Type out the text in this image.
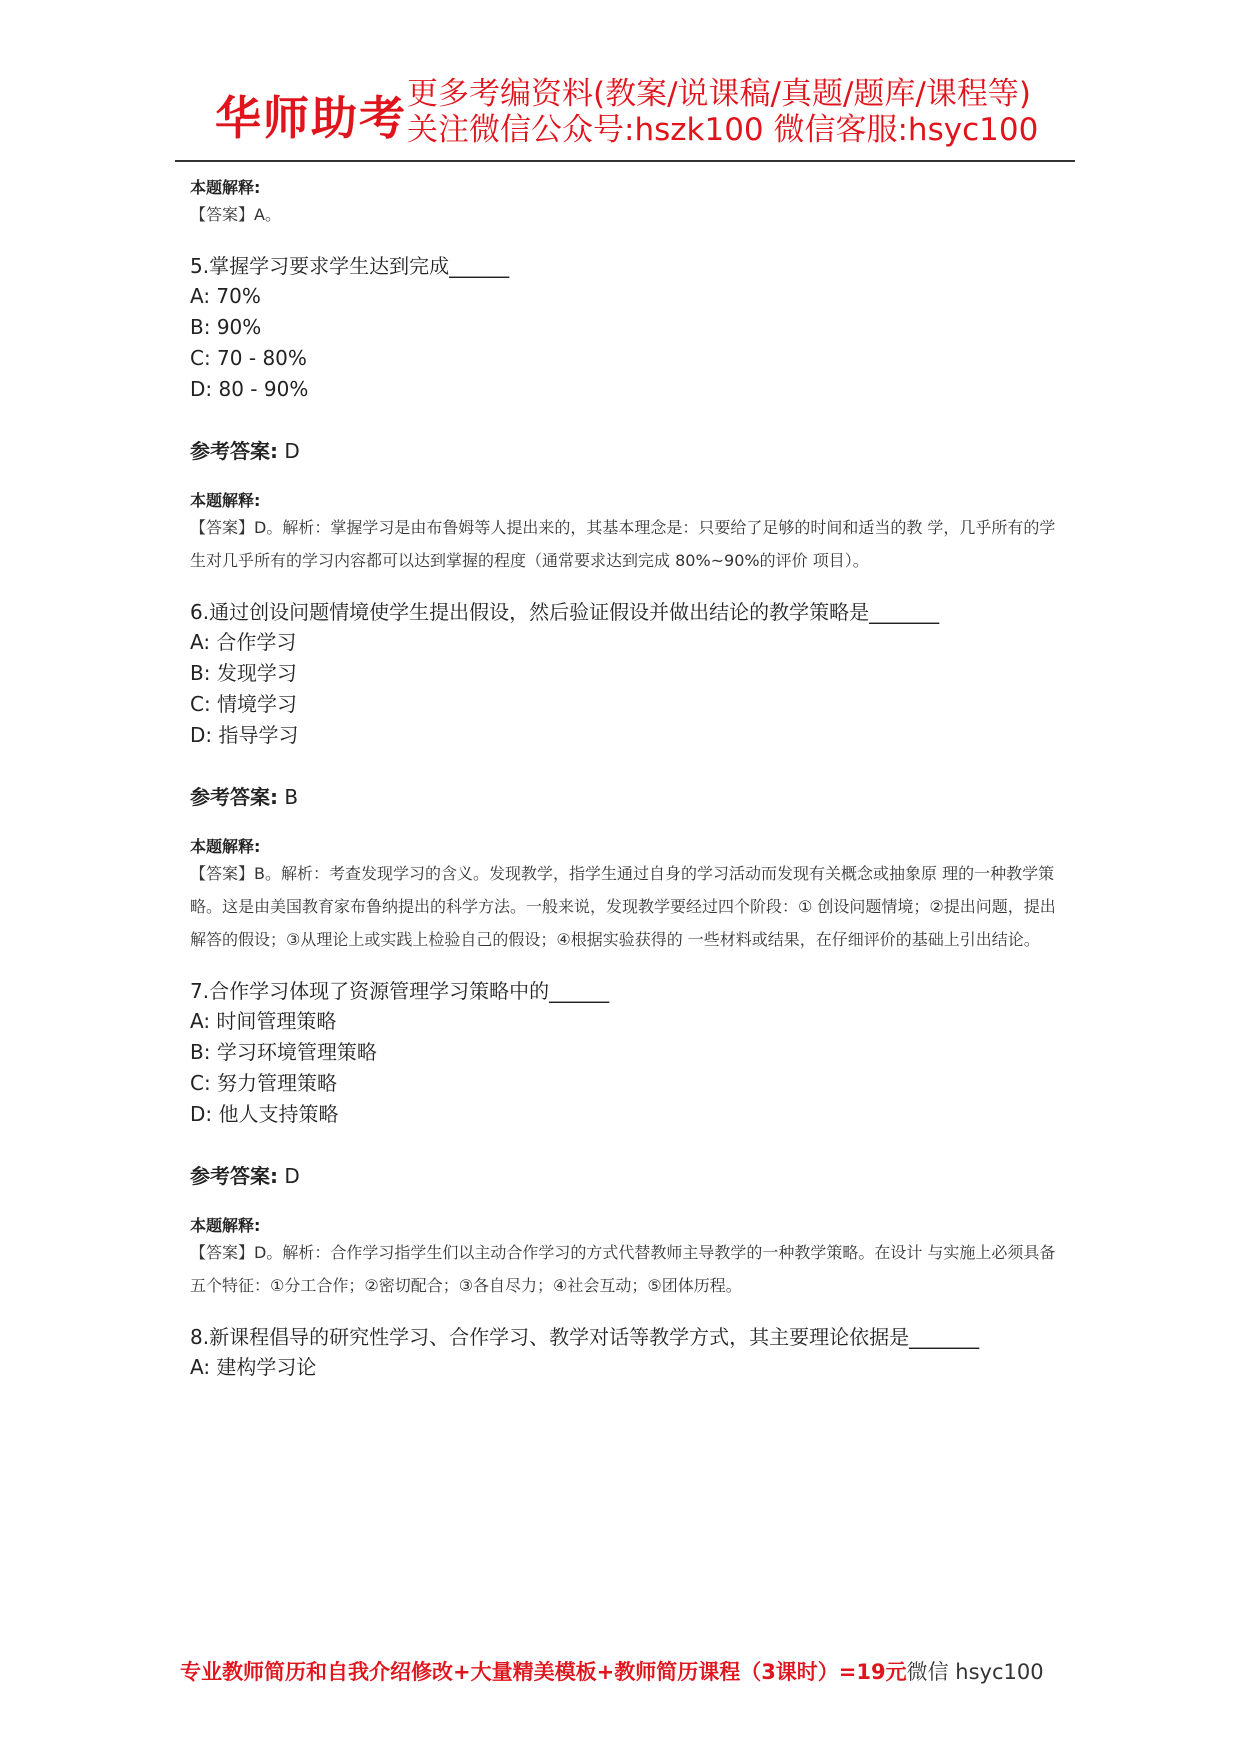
华师助考 更多考编资料(教案/说课稿/真题/题库/课程等)
关注微信公众号:hszk100 微信客服:hsyc100
本题解释:
【答案】A。
5.掌握学习要求学生达到完成______
A: 70%
B: 90%
C: 70 - 80%
D: 80 - 90%
参考答案: D
本题解释:
【答案】D。解析：掌握学习是由布鲁姆等人提出来的，其基本理念是：只要给了足够的时间和适当的教 学，几乎所有的学生对几乎所有的学习内容都可以达到掌握的程度（通常要求达到完成 80%~90%的评价 项目）。
6.通过创设问题情境使学生提出假设，然后验证假设并做出结论的教学策略是_______
A: 合作学习
B: 发现学习
C: 情境学习
D: 指导学习
参考答案: B
本题解释:
【答案】B。解析：考查发现学习的含义。发现教学，指学生通过自身的学习活动而发现有关概念或抽象原 理的一种教学策略。这是由美国教育家布鲁纳提出的科学方法。一般来说，发现教学要经过四个阶段：① 创设问题情境；②提出问题，提出解答的假设；③从理论上或实践上检验自己的假设；④根据实验获得的 一些材料或结果，在仔细评价的基础上引出结论。
7.合作学习体现了资源管理学习策略中的______
A: 时间管理策略
B: 学习环境管理策略
C: 努力管理策略
D: 他人支持策略
参考答案: D
本题解释:
【答案】D。解析：合作学习指学生们以主动合作学习的方式代替教师主导教学的一种教学策略。在设计 与实施上必须具备五个特征：①分工合作；②密切配合；③各自尽力；④社会互动；⑤团体历程。
8.新课程倡导的研究性学习、合作学习、教学对话等教学方式，其主要理论依据是_______
A: 建构学习论
专业教师简历和自我介绍修改+大量精美模板+教师简历课程（3课时）=19元微信 hsyc100
